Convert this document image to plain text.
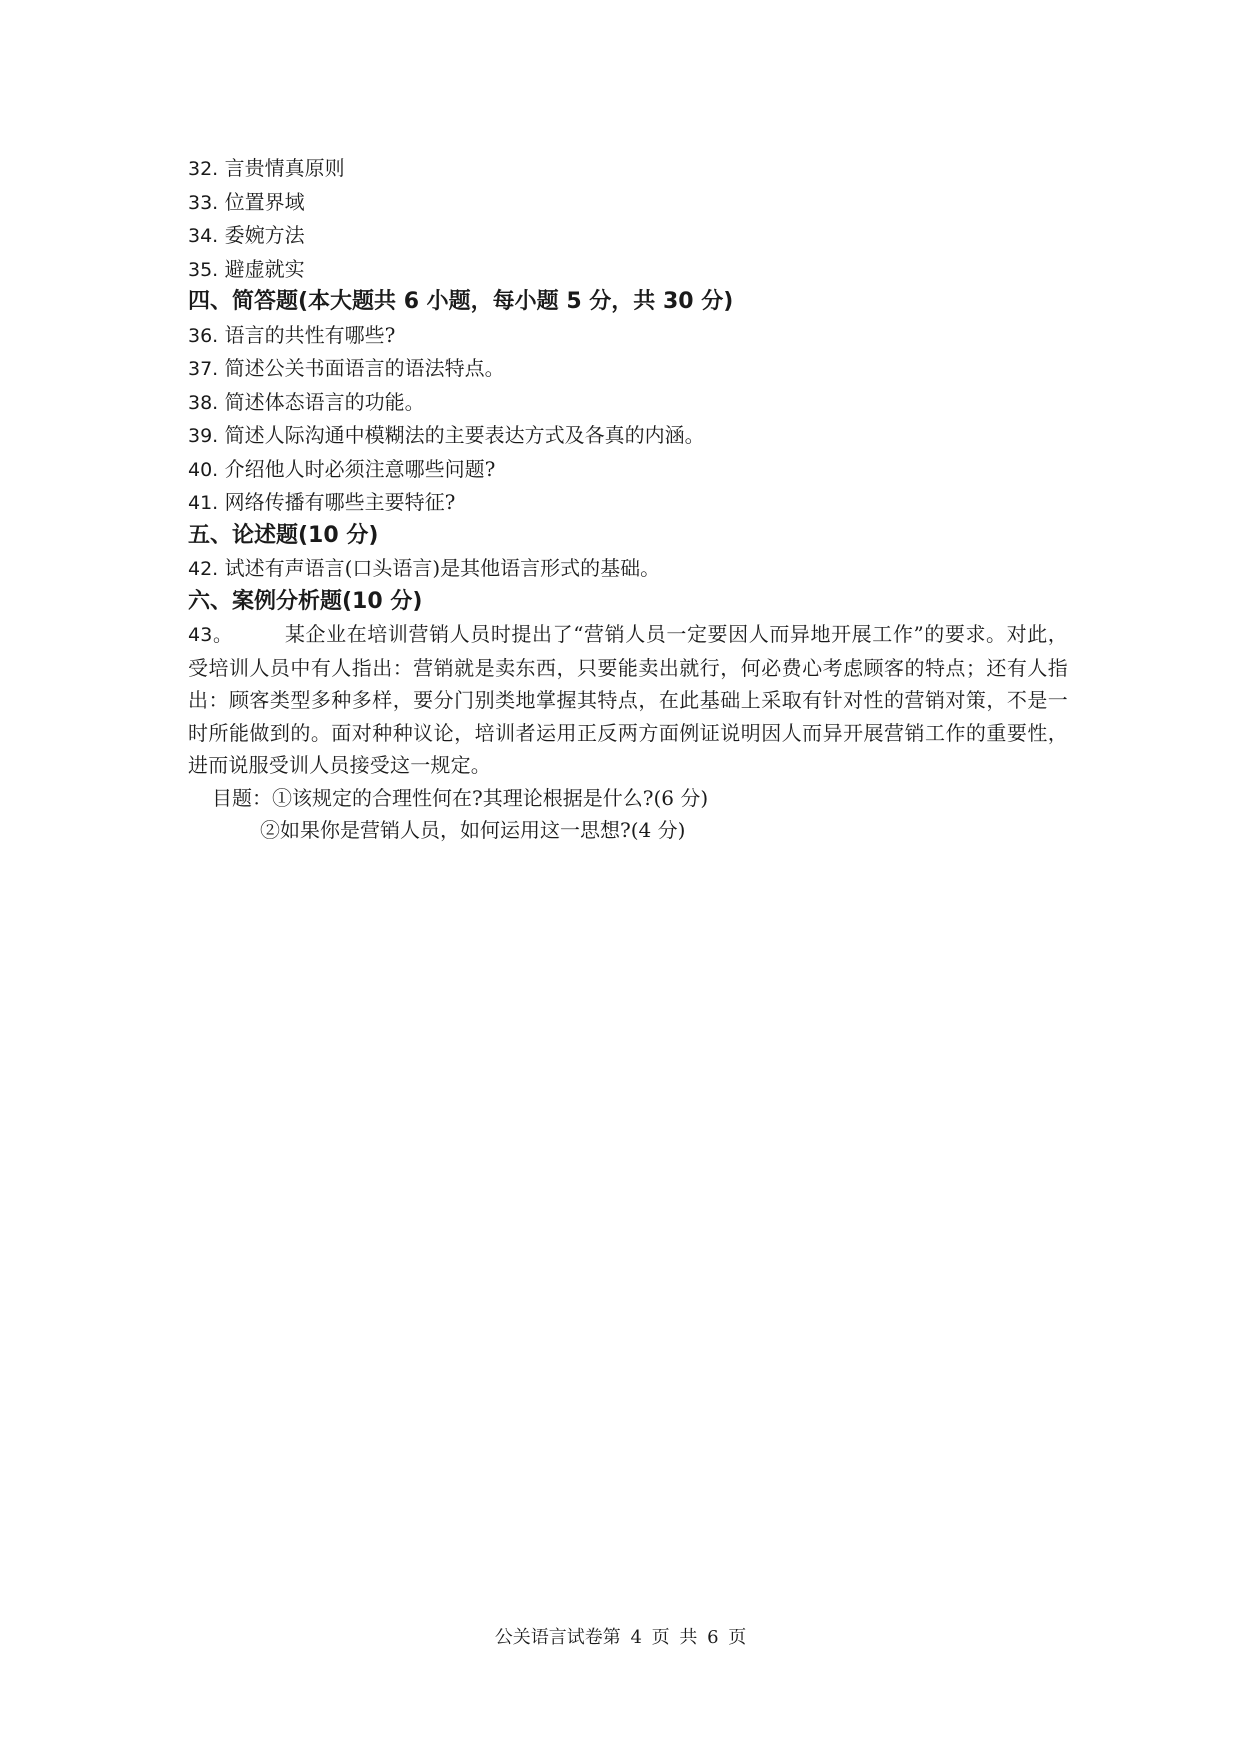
32. 言贵情真原则
33. 位置界域
34. 委婉方法
35. 避虚就实
四、简答题(本大题共 6 小题，每小题 5 分，共 30 分)
36. 语言的共性有哪些?
37. 简述公关书面语言的语法特点。
38. 简述体态语言的功能。
39. 简述人际沟通中模糊法的主要表达方式及各真的内涵。
40. 介绍他人时必须注意哪些问题?
41. 网络传播有哪些主要特征?
五、论述题(10 分)
42. 试述有声语言(口头语言)是其他语言形式的基础。
六、案例分析题(10 分)
43。	某企业在培训营销人员时提出了“营销人员一定要因人而异地开展工作”的要求。对此，受培训人员中有人指出：营销就是卖东西，只要能卖出就行，何必费心考虑顾客的特点；还有人指出：顾客类型多种多样，要分门别类地掌握其特点，在此基础上采取有针对性的营销对策，不是一时所能做到的。面对种种议论，培训者运用正反两方面例证说明因人而异开展营销工作的重要性，进而说服受训人员接受这一规定。
目题：①该规定的合理性何在?其理论根据是什么?(6 分)
②如果你是营销人员，如何运用这一思想?(4 分)
公关语言试卷第 4 页 共 6 页
